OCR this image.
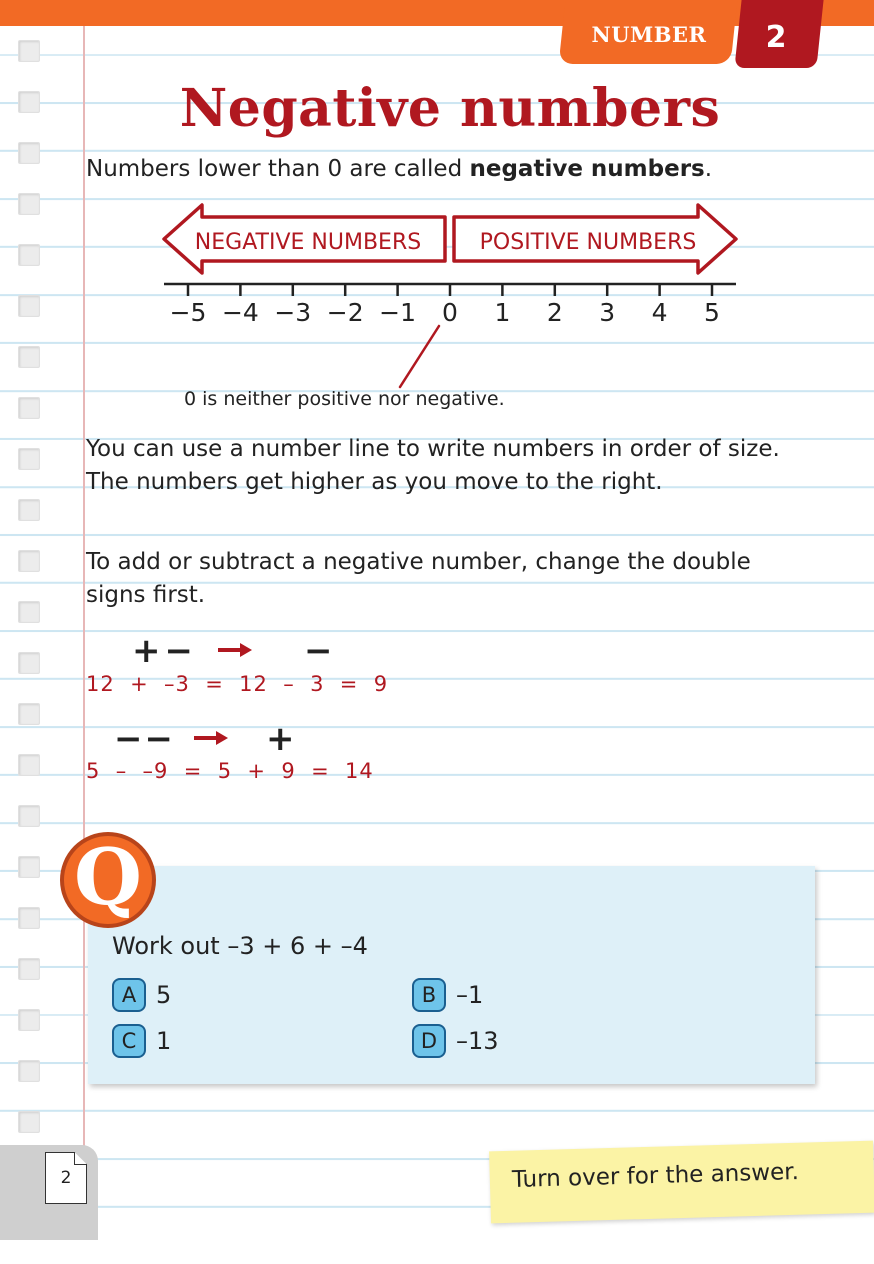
NUMBER	2
Negative numbers

Numbers lower than 0 are called negative numbers.

NEGATIVE NUMBERS	POSITIVE NUMBERS
−5 −4 −3 −2 −1 0 1 2 3 4 5
0 is neither positive nor negative.

You can use a number line to write numbers in order of size. The numbers get higher as you move to the right.

To add or subtract a negative number, change the double signs first.

+−	−
12  +  –3  =  12  –  3  =  9
−−	+
5  –  –9  =  5  +  9  =  14
Q
Work out –3 + 6 + –4
A 5	B –1
C 1	D –13
2	Turn over for the answer.
